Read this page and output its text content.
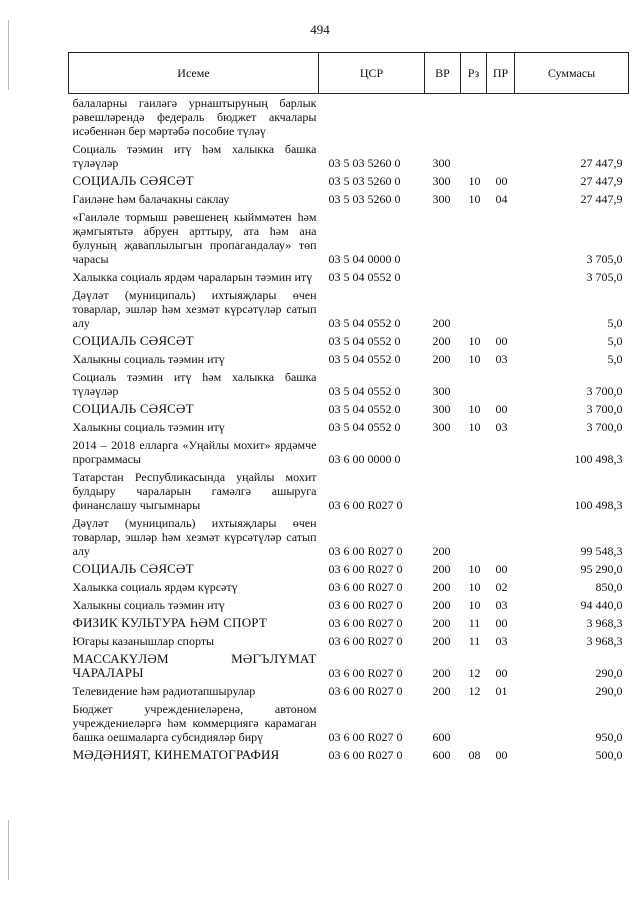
494
Исеме	ЦСР	ВР	Рз	ПР	Суммасы
балаларны гаиләгә урнаштыруның барлык рәвешләрендә федераль бюджет акчалары исәбеннән бер мәртәбә пособие түләү					
Социаль тәэмин итү һәм халыкка башка түләүләр	03 5 03 5260 0	300			27 447,9
СОЦИАЛЬ СӘЯСӘТ	03 5 03 5260 0	300	10	00	27 447,9
Гаиләне һәм балачакны саклау	03 5 03 5260 0	300	10	04	27 447,9
«Гаиләле тормыш рәвешенең кыйммәтен һәм җәмгыятьтә абруен арттыру, ата һәм ана булуның җаваплылыгын пропагандалау» төп чарасы	03 5 04 0000 0				3 705,0
Халыкка социаль ярдәм чараларын тәэмин итү	03 5 04 0552 0				3 705,0
Дәүләт (муниципаль) ихтыяҗлары өчен товарлар, эшләр һәм хезмәт күрсәтүләр сатып алу	03 5 04 0552 0	200			5,0
СОЦИАЛЬ СӘЯСӘТ	03 5 04 0552 0	200	10	00	5,0
Халыкны социаль тәэмин итү	03 5 04 0552 0	200	10	03	5,0
Социаль тәэмин итү һәм халыкка башка түләүләр	03 5 04 0552 0	300			3 700,0
СОЦИАЛЬ СӘЯСӘТ	03 5 04 0552 0	300	10	00	3 700,0
Халыкны социаль тәэмин итү	03 5 04 0552 0	300	10	03	3 700,0
2014 – 2018 елларга «Уңайлы мохит» ярдәмче программасы	03 6 00 0000 0				100 498,3
Татарстан Республикасында уңайлы мохит булдыру чараларын гамәлгә ашыруга финанслашу чыгымнары	03 6 00 R027 0				100 498,3
Дәүләт (муниципаль) ихтыяҗлары өчен товарлар, эшләр һәм хезмәт күрсәтүләр сатып алу	03 6 00 R027 0	200			99 548,3
СОЦИАЛЬ СӘЯСӘТ	03 6 00 R027 0	200	10	00	95 290,0
Халыкка социаль ярдәм күрсәтү	03 6 00 R027 0	200	10	02	850,0
Халыкны социаль тәэмин итү	03 6 00 R027 0	200	10	03	94 440,0
ФИЗИК КУЛЬТУРА ҺӘМ СПОРТ	03 6 00 R027 0	200	11	00	3 968,3
Югары казанышлар спорты	03 6 00 R027 0	200	11	03	3 968,3
МАССАКҮЛӘМ МӘГЪЛҮМАТ ЧАРАЛАРЫ	03 6 00 R027 0	200	12	00	290,0
Телевидение һәм радиотапшырулар	03 6 00 R027 0	200	12	01	290,0
Бюджет учреждениеләренә, автоном учреждениеләргә һәм коммерциягә карамаган башка оешмаларга субсидияләр бирү	03 6 00 R027 0	600			950,0
МӘДӘНИЯТ, КИНЕМАТОГРАФИЯ	03 6 00 R027 0	600	08	00	500,0
